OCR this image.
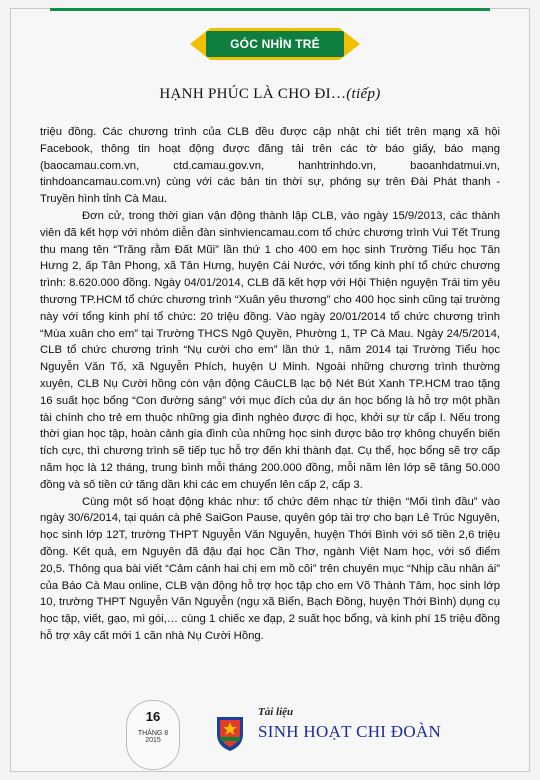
GÓC NHÌN TRẺ
HẠNH PHÚC LÀ CHO ĐI…(tiếp)

triệu đồng. Các chương trình của CLB đều được cập nhật chi tiết trên mạng xã hội Facebook, thông tin hoạt động được đăng tải trên các tờ báo giấy, báo mạng (baocamau.com.vn, ctd.camau.gov.vn, hanhtrinhdo.vn, baoanhdatmui.vn, tinhdoancamau.com.vn) cùng với các bản tin thời sự, phóng sự trên Đài Phát thanh - Truyền hình tỉnh Cà Mau.

Đơn cử, trong thời gian vận động thành lập CLB, vào ngày 15/9/2013, các thành viên đã kết hợp với nhóm diễn đàn sinhviencamau.com tổ chức chương trình Vui Tết Trung thu mang tên “Trăng rằm Đất Mũi” lần thứ 1 cho 400 em học sinh Trường Tiểu học Tân Hưng 2, ấp Tân Phong, xã Tân Hưng, huyện Cái Nước, với tổng kinh phí tổ chức chương trình: 8.620.000 đồng. Ngày 04/01/2014, CLB đã kết hợp với Hội Thiện nguyện Trái tim yêu thương TP.HCM tổ chức chương trình “Xuân yêu thương” cho 400 học sinh cũng tại trường này với tổng kinh phí tổ chức: 20 triệu đồng. Vào ngày 20/01/2014 tổ chức chương trình “Mùa xuân cho em” tại Trường THCS Ngô Quyền, Phường 1, TP Cà Mau. Ngày 24/5/2014, CLB tổ chức chương trình “Nụ cười cho em” lần thứ 1, năm 2014 tại Trường Tiểu học Nguyễn Văn Tố, xã Nguyễn Phích, huyện U Minh. Ngoài những chương trình thường xuyên, CLB Nụ Cười hồng còn vận động CâuCLB lạc bộ Nét Bút Xanh TP.HCM trao tặng 16 suất học bổng “Con đường sáng” với mục đích của dự án học bổng là hỗ trợ một phần tài chính cho trẻ em thuộc những gia đình nghèo được đi học, khởi sự từ cấp I. Nếu trong thời gian học tập, hoàn cảnh gia đình của những học sinh được bảo trợ không chuyển biến tích cực, thì chương trình sẽ tiếp tục hỗ trợ đến khi thành đạt. Cụ thể, học bổng sẽ trợ cấp năm học là 12 tháng, trung bình mỗi tháng 200.000 đồng, mỗi năm lên lớp sẽ tăng 50.000 đồng và số tiền cứ tăng dần khi các em chuyển lên cấp 2, cấp 3.

Cùng một số hoạt động khác như: tổ chức đêm nhạc từ thiện “Mối tình đầu” vào ngày 30/6/2014, tại quán cà phê SaiGon Pause, quyên góp tài trợ cho bạn Lê Trúc Nguyên, học sinh lớp 12T, trường THPT Nguyễn Văn Nguyễn, huyện Thới Bình với số tiền 2,6 triệu đồng. Kết quả, em Nguyên đã đậu đại học Cần Thơ, ngành Việt Nam học, với số điểm 20,5. Thông qua bài viết “Cảm cảnh hai chị em mồ côi” trên chuyên mục “Nhịp cầu nhân ái” của Báo Cà Mau online, CLB vận động hỗ trợ học tập cho em Võ Thành Tâm, học sinh lớp 10, trường THPT Nguyễn Văn Nguyễn (ngụ xã Biển, Bạch Đồng, huyện Thới Bình) dụng cụ học tập, viết, gạo, mì gói,… cùng 1 chiếc xe đạp, 2 suất học bổng, và kinh phí 15 triệu đồng hỗ trợ xây cất mới 1 căn nhà Nụ Cười Hồng.

16
THÁNG 8
2015
Tài liệu
SINH HOẠT CHI ĐOÀN
